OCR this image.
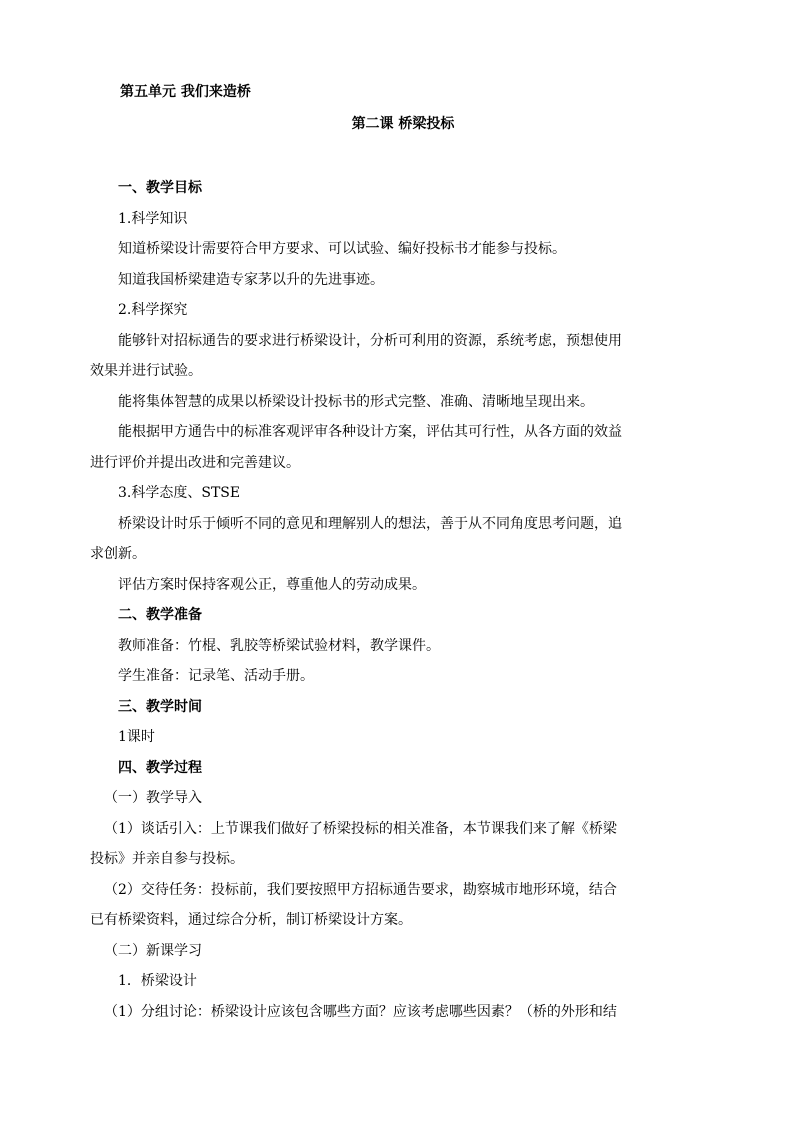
第五单元 我们来造桥
第二课 桥梁投标
一、教学目标
1.科学知识
知道桥梁设计需要符合甲方要求、可以试验、编好投标书才能参与投标。
知道我国桥梁建造专家茅以升的先进事迹。
2.科学探究
能够针对招标通告的要求进行桥梁设计，分析可利用的资源，系统考虑，预想使用
效果并进行试验。
能将集体智慧的成果以桥梁设计投标书的形式完整、准确、清晰地呈现出来。
能根据甲方通告中的标准客观评审各种设计方案，评估其可行性，从各方面的效益
进行评价并提出改进和完善建议。
3.科学态度、STSE
桥梁设计时乐于倾听不同的意见和理解别人的想法，善于从不同角度思考问题，追
求创新。
评估方案时保持客观公正，尊重他人的劳动成果。
二、教学准备
教师准备：竹棍、乳胶等桥梁试验材料，教学课件。
学生准备：记录笔、活动手册。
三、教学时间
1课时
四、教学过程
（一）教学导入
（1）谈话引入：上节课我们做好了桥梁投标的相关准备，本节课我们来了解《桥梁
投标》并亲自参与投标。
（2）交待任务：投标前，我们要按照甲方招标通告要求，勘察城市地形环境，结合
已有桥梁资料，通过综合分析，制订桥梁设计方案。
（二）新课学习
1．桥梁设计
（1）分组讨论：桥梁设计应该包含哪些方面？应该考虑哪些因素？（桥的外形和结
